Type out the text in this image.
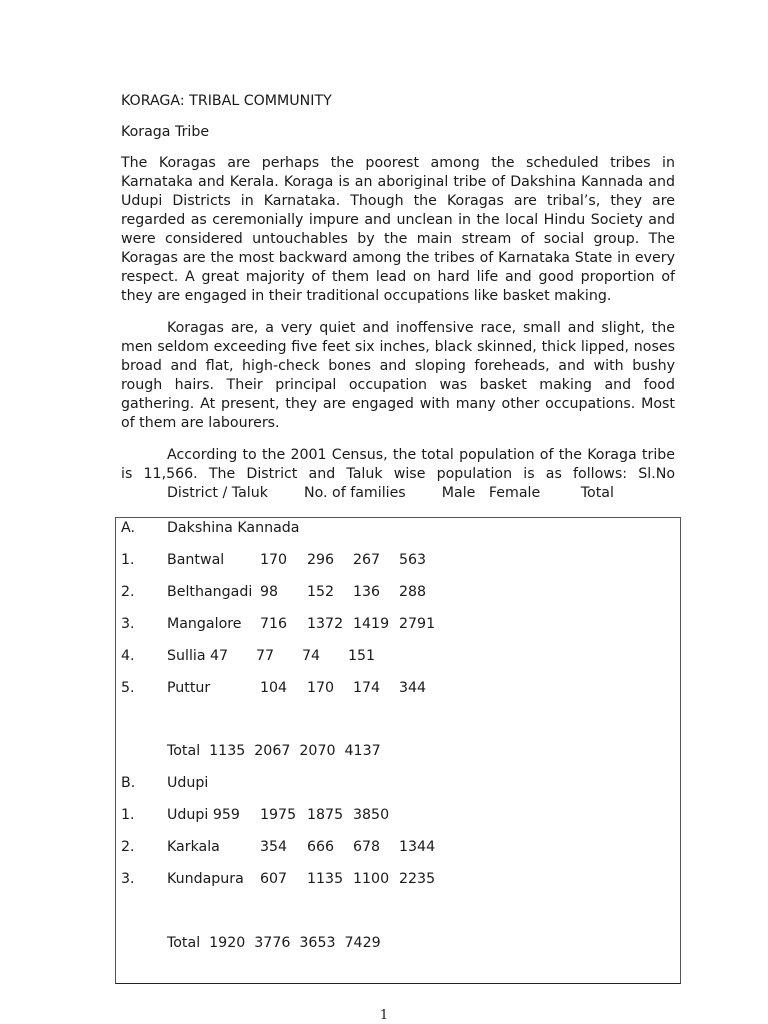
KORAGA: TRIBAL COMMUNITY

Koraga Tribe

The Koragas are perhaps the poorest among the scheduled tribes in Karnataka and Kerala. Koraga is an aboriginal tribe of Dakshina Kannada and Udupi Districts in Karnataka. Though the Koragas are tribal’s, they are regarded as ceremonially impure and unclean in the local Hindu Society and were considered untouchables by the main stream of social group. The Koragas are the most backward among the tribes of Karnataka State in every respect. A great majority of them lead on hard life and good proportion of they are engaged in their traditional occupations like basket making.

Koragas are, a very quiet and inoffensive race, small and slight, the men seldom exceeding five feet six inches, black skinned, thick lipped, noses broad and flat, high-check bones and sloping foreheads, and with bushy rough hairs. Their principal occupation was basket making and food gathering. At present, they are engaged with many other occupations. Most of them are labourers.

According to the 2001 Census, the total population of the Koraga tribe
is 11,566. The District and Taluk wise population is as follows: Sl.No
District / Taluk        No. of families        Male   Female         Total

A. Dakshina Kannada
1. Bantwal	170 296 267 563
2. Belthangadi 98 152 136 288
3. Mangalore 716 1372 1419 2791
4. Sullia 47 77 74 151
5. Puttur	104 170 174 344
Total  1135  2067  2070  4137
B. Udupi
1. Udupi 959 1975 1875 3850
2. Karkala	354 666 678 1344
3. Kundapura 607 1135 1100 2235
Total  1920  3776  3653  7429
1
